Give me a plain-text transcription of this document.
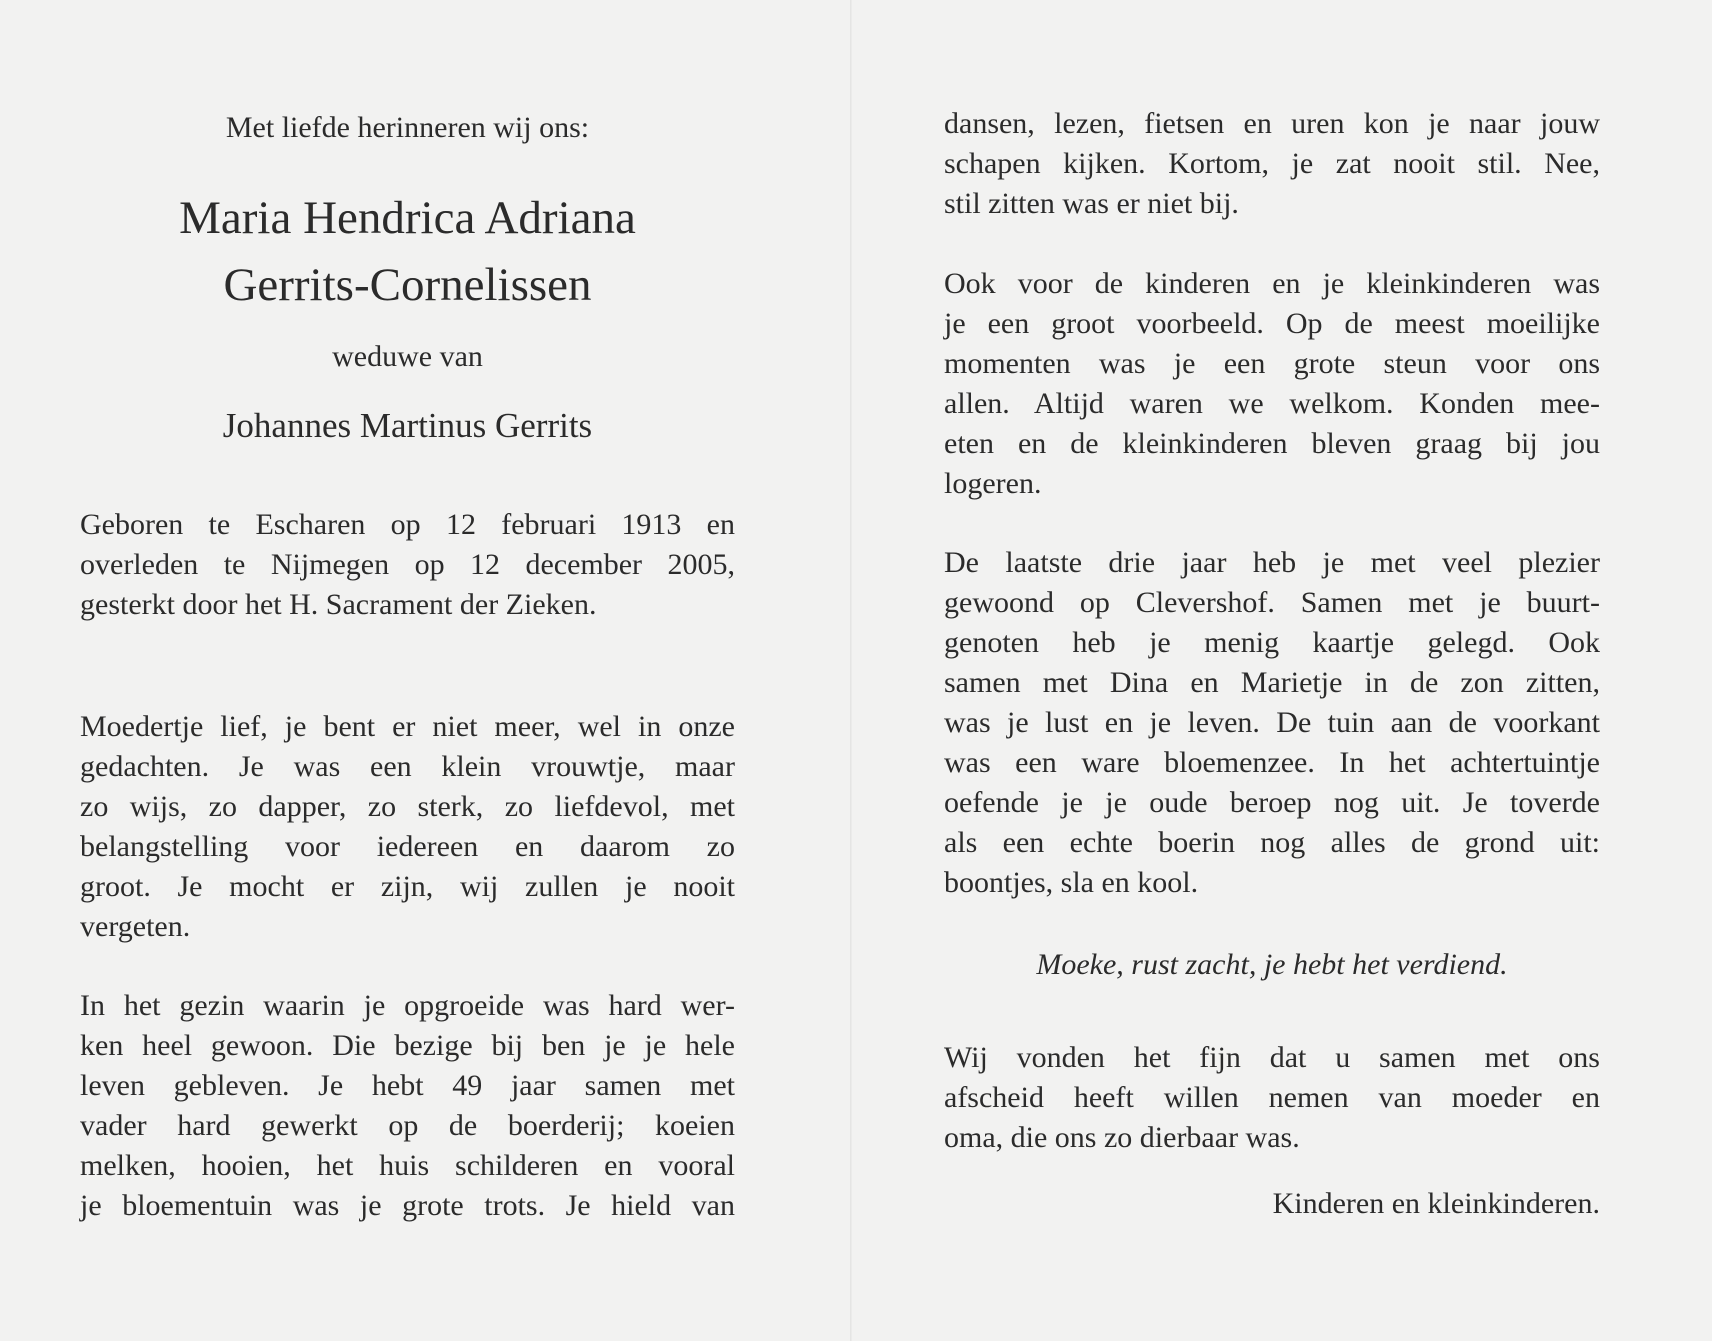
Met liefde herinneren wij ons:
Maria Hendrica Adriana
Gerrits-Cornelissen
weduwe van
Johannes Martinus Gerrits
Geboren te Escharen op 12 februari 1913 en
overleden te Nijmegen op 12 december 2005,
gesterkt door het H. Sacrament der Zieken.
Moedertje lief, je bent er niet meer, wel in onze
gedachten. Je was een klein vrouwtje, maar
zo wijs, zo dapper, zo sterk, zo liefdevol, met
belangstelling voor iedereen en daarom zo
groot. Je mocht er zijn, wij zullen je nooit
vergeten.
In het gezin waarin je opgroeide was hard wer-
ken heel gewoon. Die bezige bij ben je je hele
leven gebleven. Je hebt 49 jaar samen met
vader hard gewerkt op de boerderij; koeien
melken, hooien, het huis schilderen en vooral
je bloementuin was je grote trots. Je hield van
dansen, lezen, fietsen en uren kon je naar jouw
schapen kijken. Kortom, je zat nooit stil. Nee,
stil zitten was er niet bij.
Ook voor de kinderen en je kleinkinderen was
je een groot voorbeeld. Op de meest moeilijke
momenten was je een grote steun voor ons
allen. Altijd waren we welkom. Konden mee-
eten en de kleinkinderen bleven graag bij jou
logeren.
De laatste drie jaar heb je met veel plezier
gewoond op Clevershof. Samen met je buurt-
genoten heb je menig kaartje gelegd. Ook
samen met Dina en Marietje in de zon zitten,
was je lust en je leven. De tuin aan de voorkant
was een ware bloemenzee. In het achtertuintje
oefende je je oude beroep nog uit. Je toverde
als een echte boerin nog alles de grond uit:
boontjes, sla en kool.
Moeke, rust zacht, je hebt het verdiend.
Wij vonden het fijn dat u samen met ons
afscheid heeft willen nemen van moeder en
oma, die ons zo dierbaar was.
Kinderen en kleinkinderen.
